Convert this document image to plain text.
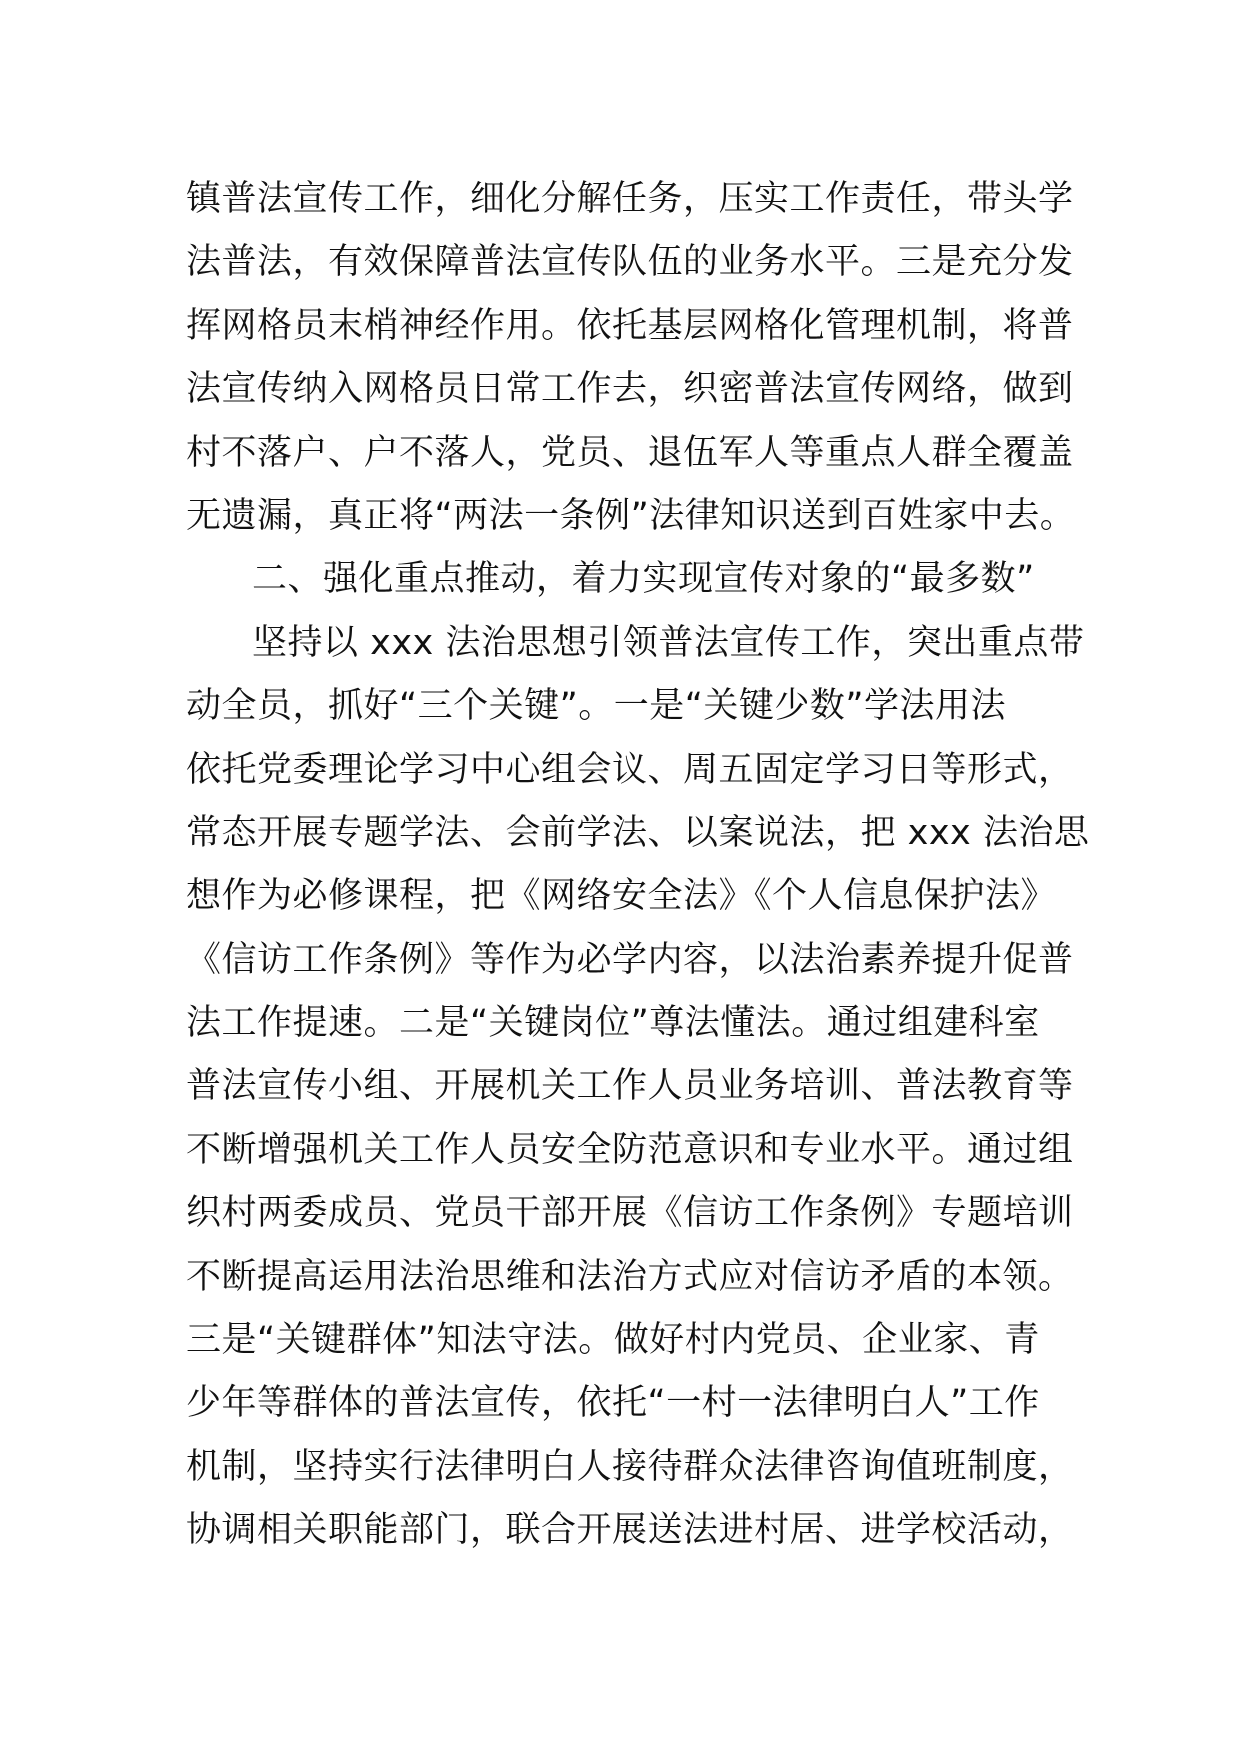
镇普法宣传工作，细化分解任务，压实工作责任，带头学
法普法，有效保障普法宣传队伍的业务水平。三是充分发
挥网格员末梢神经作用。依托基层网格化管理机制，将普
法宣传纳入网格员日常工作去，织密普法宣传网络，做到
村不落户、户不落人，党员、退伍军人等重点人群全覆盖
无遗漏，真正将“两法一条例”法律知识送到百姓家中去。
二、强化重点推动，着力实现宣传对象的“最多数”
坚持以 xxx 法治思想引领普法宣传工作，突出重点带
动全员，抓好“三个关键”。一是“关键少数”学法用法
依托党委理论学习中心组会议、周五固定学习日等形式，
常态开展专题学法、会前学法、以案说法，把 xxx 法治思
想作为必修课程，把《网络安全法》《个人信息保护法》
《信访工作条例》等作为必学内容，以法治素养提升促普
法工作提速。二是“关键岗位”尊法懂法。通过组建科室
普法宣传小组、开展机关工作人员业务培训、普法教育等
不断增强机关工作人员安全防范意识和专业水平。通过组
织村两委成员、党员干部开展《信访工作条例》专题培训
不断提高运用法治思维和法治方式应对信访矛盾的本领。
三是“关键群体”知法守法。做好村内党员、企业家、青
少年等群体的普法宣传，依托“一村一法律明白人”工作
机制，坚持实行法律明白人接待群众法律咨询值班制度，
协调相关职能部门，联合开展送法进村居、进学校活动，
